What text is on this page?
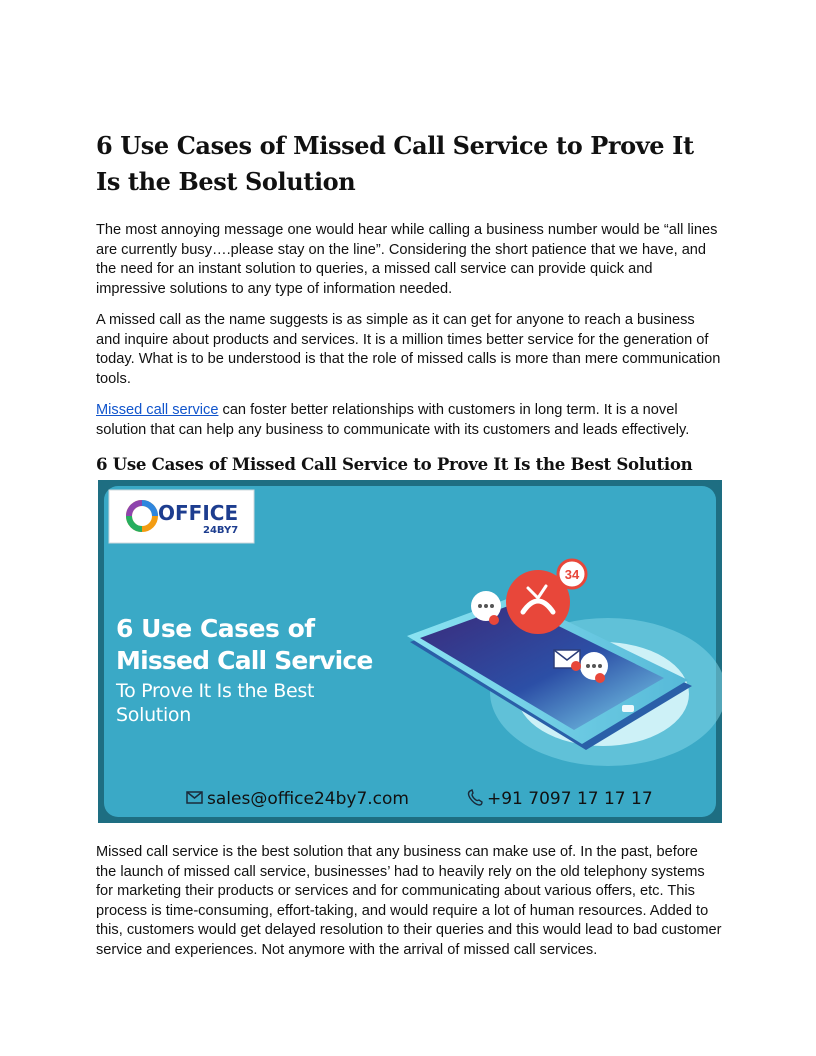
6 Use Cases of Missed Call Service to Prove It Is the Best Solution

The most annoying message one would hear while calling a business number would be “all lines are currently busy….please stay on the line”. Considering the short patience that we have, and the need for an instant solution to queries, a missed call service can provide quick and impressive solutions to any type of information needed.

A missed call as the name suggests is as simple as it can get for anyone to reach a business and inquire about products and services. It is a million times better service for the generation of today. What is to be understood is that the role of missed calls is more than mere communication tools.

Missed call service can foster better relationships with customers in long term. It is a novel solution that can help any business to communicate with its customers and leads effectively.

6 Use Cases of Missed Call Service to Prove It Is the Best Solution
34
OFFICE
24BY7
6 Use Cases of
Missed Call Service
To Prove It Is the Best
Solution
sales@office24by7.com	+91 7097 17 17 17

Missed call service is the best solution that any business can make use of. In the past, before the launch of missed call service, businesses’ had to heavily rely on the old telephony systems for marketing their products or services and for communicating about various offers, etc. This process is time-consuming, effort-taking, and would require a lot of human resources. Added to this, customers would get delayed resolution to their queries and this would lead to bad customer service and experiences. Not anymore with the arrival of missed call services.
